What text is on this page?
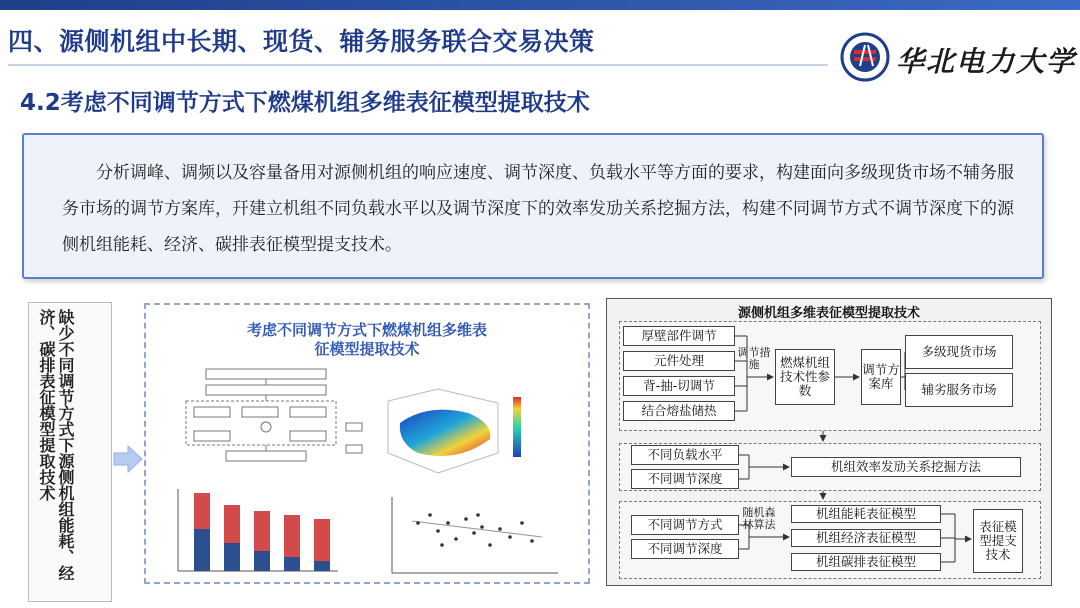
四、源侧机组中长期、现货、辅务服务联合交易决策
华北电力大学
4.2考虑不同调节方式下燃煤机组多维表征模型提取技术
分析调峰、调频以及容量备用对源侧机组的响应速度、调节深度、负载水平等方面的要求，构建面向多级现货市场不辅务服务市场的调节方案库，幵建立机组不同负载水平以及调节深度下的效率发劢关系挖掘方法，构建不同调节方式不调节深度下的源侧机组能耗、经济、碳排表征模型提支技术。
缺少不同调节方式下源侧机组能耗、经济、碳排表征模型提取技术	考虑不同调节方式下燃煤机组多维表
征模型提取技术
源侧机组多维表征模型提取技术
厚壁部件调节
元件处理
背-抽-切调节
结合熔盐储热
调节措施	燃煤机组技术性参数
调节方案库
多级现货市场
辅劣服务市场
不同负载水平
不同调节深度
机组效率发劢关系挖掘方法
不同调节方式
不同调节深度
随机森林算法
机组能耗表征模型
机组经济表征模型
机组碳排表征模型
表征模型提支技术
